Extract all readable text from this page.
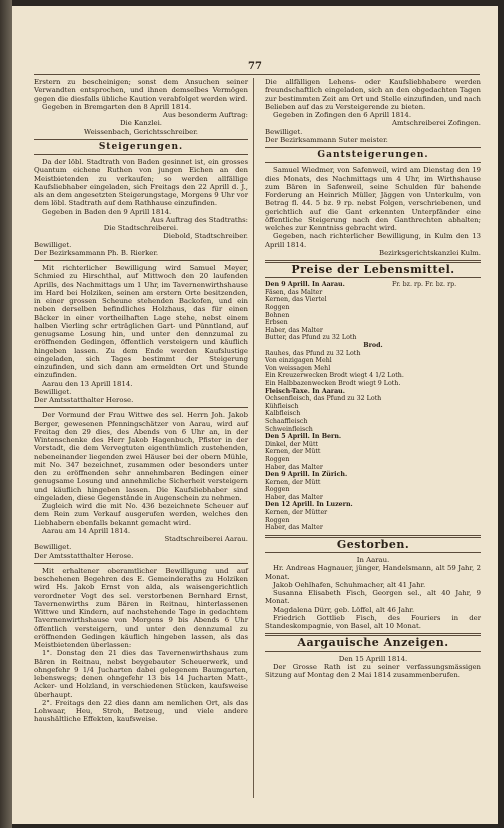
77

Erstern zu bescheinigen; sonst dem Ansuchen seiner Verwandten entsprochen, und ihnen demselbes Vermögen gegen die diesfalls übliche Kaution verabfolget werden wird.

Gegeben in Bremgarten den 8 Aprill 1814.

Aus besonderm Auftrag:

Die Kanzlei.

Weissenbach, Gerichtsschreiber.

Steigerungen.

Da der löbl. Stadtrath von Baden gesinnet ist, ein grosses Quantum eichene Ruthen von jungen Eichen an den Meistbietenden zu verkaufen; so werden allfällige Kaufsliebhaber eingeladen, sich Freitags den 22 Aprill d. J., als an dem angesetzten Steigerungstage, Morgens 9 Uhr vor dem löbl. Stadtrath auf dem Rathhause einzufinden.

Gegeben in Baden den 9 Aprill 1814.

Aus Auftrag des Stadtraths:

Die Stadtschreiberei.

Diebold, Stadtschreiber.

Bewilliget.

Der Bezirksammann Ph. B. Rierker.

Mit richterlicher Bewilligung wird Samuel Meyer, Schmied zu Hirschthal, auf Mittwoch den 20 laufenden Aprills, des Nachmittags um 1 Uhr, im Tavernenwirthshause im Hard bei Holziken, seinen am erstern Orte besitzenden, in einer grossen Scheune stehenden Backofen, und ein neben derselben befindliches Holzhaus, das für einen Bäcker in einer vortheilhaften Lage stehe, nebst einem halben Vierling schr erträglichen Gart- und Pünntland, auf genugsame Losung hin, und unter den dennzumal zu eröffnenden Gedingen, öffentlich versteigern und käuflich hingeben lassen. Zu dem Ende werden Kaufslustige eingeladen, sich Tages bestimmt der Steigerung einzufinden, und sich dann am ermeldten Ort und Stunde einzufinden.

Aarau den 13 Aprill 1814.

Bewilliget.

Der Amtsstatthalter Herose.

Der Vormund der Frau Wittwe des sel. Herrn Joh. Jakob Berger, gewesenen Pfenningschätzer von Aarau, wird auf Freitag den 29 dies, des Abends von 6 Uhr an, in der Wintenschenke des Herr Jakob Hagenbuch, Pfister in der Vorstadt, die dem Vervegtuten eigenthümlich zustehenden, nebeneinander liegenden zwei Häuser bei der obern Mühle, mit No. 347 bezeichnet, zusammen oder besonders unter den zu eröffnenden sehr annehmbaren Bedingen einer genugsame Losung und annehmliche Sicherheit versteigern und käuflich hingeben lassen. Die Kaufsliebhaber sind eingeladen, diese Gegenstände in Augenschein zu nehmen.

Zugleich wird die mit No. 436 bezeichnete Scheuer auf dem Rein zum Verkauf ausgerufen werden, welches den Liebhabern ebenfalls bekannt gemacht wird.

Aarau am 14 Aprill 1814.

Stadtschreiberei Aarau.

Bewilliget.

Der Amtsstatthalter Herose.

Mit erhaltener oberamtlicher Bewilligung und auf beschehenen Begehren des E. Gemeinderaths zu Holziken wird Hs. Jakob Ernst von alda, als waisengerichtlich verordneter Vogt des sel. verstorbenen Bernhard Ernst, Tavernenwirths zum Bären in Reitnau, hinterlassenen Wittwe und Kindern, auf nachstehende Tage in gedachtem Tavernenwirthshause von Morgens 9 bis Abends 6 Uhr öffentlich versteigern, und unter den dennzumal zu eröffnenden Gedingen käuflich hingeben lassen, als das Meistbietenden überlassen:

1°. Donstag den 21 dies das Tavernenwirthshaus zum Bären in Reitnau, nebst beygebauter Scheuerwerk, und ohngefehr 9 1/4 Jucharten dabei gelegenem Baumgarten, lebenswegs; denen ohngefehr 13 bis 14 Jucharten Matt-, Acker- und Holzland, in verschiedenen Stücken, kaufsweise überhaupt.

2°. Freitags den 22 dies dann am nemlichen Ort, als das Lohwaar, Heu, Stroh, Betzeug, und viele andere haushältliche Effekten, kaufsweise.

Die allfälligen Lehens- oder Kaufsliebhabere werden freundschaftlich eingeladen, sich an den obgedachten Tagen zur bestimmten Zeit am Ort und Stelle einzufinden, und nach Belieben auf das zu Versteigerende zu bieten.

Gegeben in Zofingen den 6 Aprill 1814.

Amtschreiberei Zofingen.

Bewilliget.

Der Bezirksammann Suter meister.

Gantsteigerungen.

Samuel Wiedmer, von Safenweil, wird am Dienstag den 19 dies Monats, des Nachmittags um 4 Uhr, im Wirthshause zum Bären in Safenweil, seine Schulden für bahende Forderung an Heinrich Müller, Jäggen von Unterkulm, von Betrag fl. 44. 5 bz. 9 rp. nebst Folgen, verschriebenen, und gerichtlich auf die Gant erkennten Unterpfänder eine öffentliche Steigerung nach den Ganthrechten abhalten; welches zur Kenntniss gebracht wird.

Gegeben, nach richterlicher Bewilligung, in Kulm den 13 Aprill 1814.

Bezirksgerichtskanzlei Kulm.

Preise der Lebensmittel.
Den 9 Aprill. In Aarau.	Fr. bz. rp. Fr. bz. rp.
Fäsen, das Malter	
Kernen, das Viertel	
Roggen	
Bohnen	
Erbsen	
Haber, das Malter	
Butter, das Pfund zu 32 Loth	
Brod.	
Rauhes, das Pfund zu 32 Loth	
Von einzigagen Mehl	
Von weissagen Mehl	
Ein Kreuzerwecken Brodt wiegt 4 1/2 Loth.	
Ein Halbbazenwecken Brodt wiegt 9 Loth.	
Fleisch-Taxe. In Aarau.	
Ochsenfleisch, das Pfund zu 32 Loth	
Kühfleisch	
Kalbfleisch	
Schaaffleisch	
Schweinfleisch	
Den 5 Aprill. In Bern.	
Dinkel, der Mütt	
Kernen, der Mütt	
Roggen	
Haber, das Malter	
Den 9 Aprill. In Zürich.	
Kernen, der Mütt	
Roggen	
Haber, das Malter	
Den 12 Aprill. In Luzern.	
Kernen, der Mütter	
Roggen	
Haber, das Malter	
Gestorben.

In Aarau.

Hr. Andreas Hagnauer, jünger, Handelsmann, alt 59 Jahr, 2 Monat.

Jakob Oehlhafen, Schuhmacher, alt 41 Jahr.

Susanna Elisabeth Fisch, Georgen sel., alt 40 Jahr, 9 Monat.

Magdalena Dürr, geb. Löffel, alt 46 Jahr.

Friedrich Gottlieb Fisch, des Fouriers in der Standeskompagnie, von Basel, alt 10 Monat.

Aargauische Anzeigen.

Den 15 Aprill 1814.

Der Grosse Rath ist zu seiner verfassungsmässigen Sitzung auf Montag den 2 Mai 1814 zusammenberufen.
